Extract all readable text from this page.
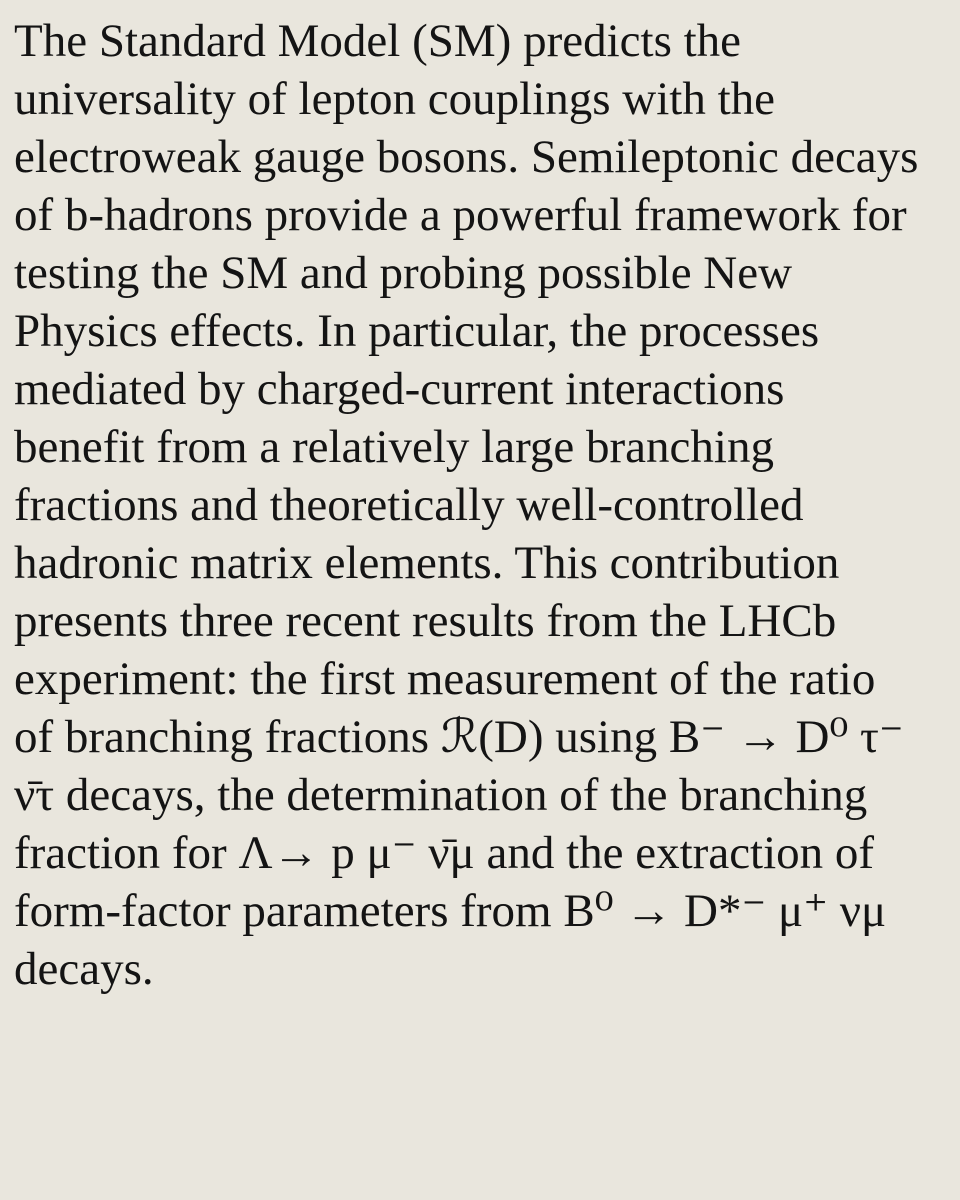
The Standard Model (SM) predicts the
universality of lepton couplings with the
electroweak gauge bosons. Semileptonic decays
of b-hadrons provide a powerful framework for
testing the SM and probing possible New
Physics effects. In particular, the processes
mediated by charged-current interactions
benefit from a relatively large branching
fractions and theoretically well-controlled
hadronic matrix elements. This contribution
presents three recent results from the LHCb
experiment: the first measurement of the ratio
of branching fractions ℛ(D) using B⁻ → D⁰ τ⁻
ν̄τ decays, the determination of the branching
fraction for Λ→ p μ⁻ ν̄μ and the extraction of
form-factor parameters from B⁰ → D*⁻ μ⁺ νμ
decays.
